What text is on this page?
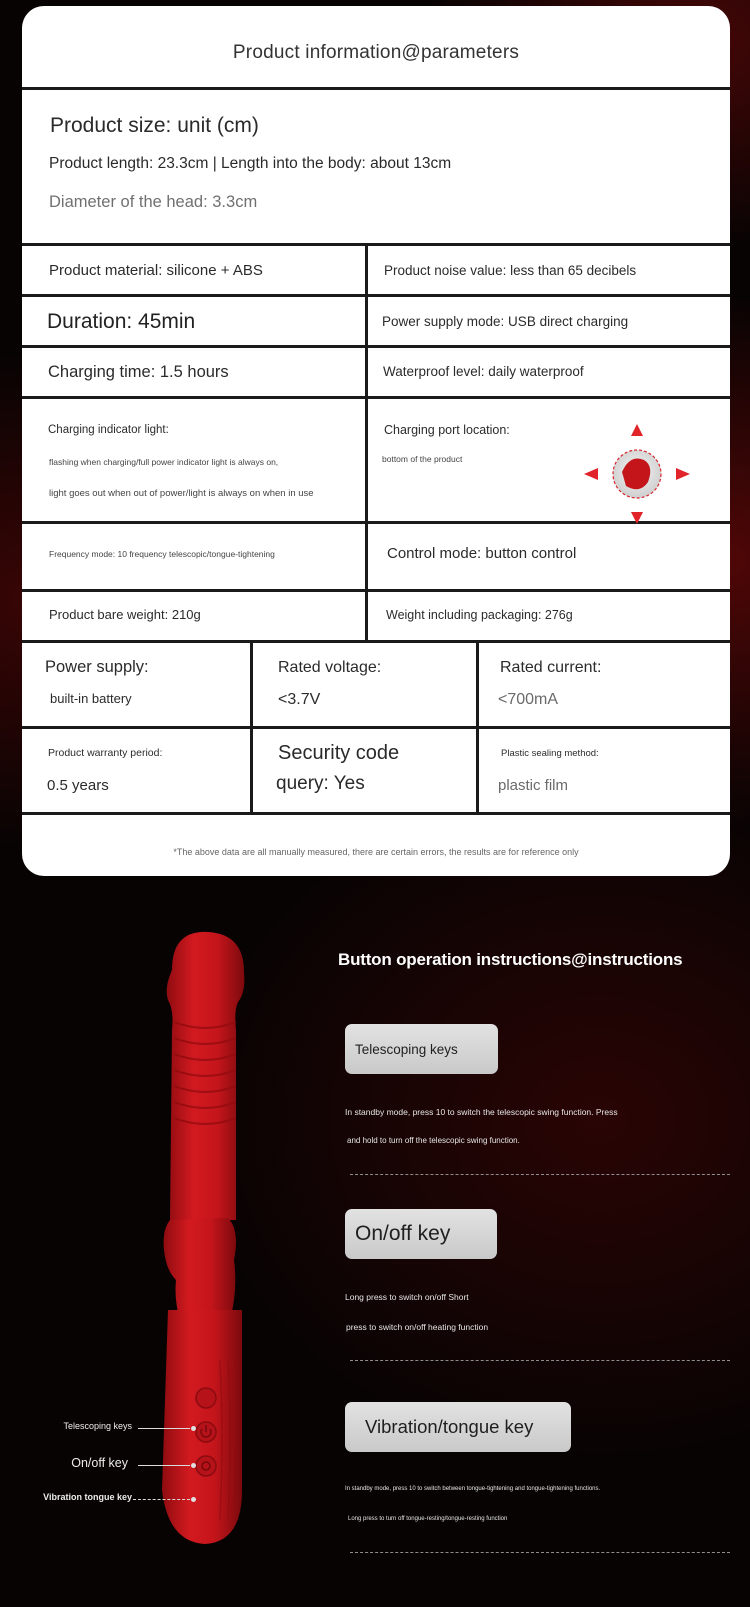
Product information@parameters
Product size: unit (cm)
Product length: 23.3cm | Length into the body: about 13cm
Diameter of the head: 3.3cm
Product material: silicone + ABS	Product noise value: less than 65 decibels
Duration: 45min	Power supply mode: USB direct charging
Charging time: 1.5 hours	Waterproof level: daily waterproof
Charging indicator light:
flashing when charging/full power indicator light is always on,
light goes out when out of power/light is always on when in use
Charging port location:
bottom of the product
Frequency mode: 10 frequency telescopic/tongue-tightening	Control mode: button control
Product bare weight: 210g	Weight including packaging: 276g
Power supply:
built-in battery
Rated voltage:
<3.7V
Rated current:
<700mA
Product warranty period:
0.5 years
Security code
query: Yes
Plastic sealing method:
plastic film
*The above data are all manually measured, there are certain errors, the results are for reference only
Telescoping keys
On/off key
Vibration tongue key
Button operation instructions@instructions
Telescoping keys
In standby mode, press 10 to switch the telescopic swing function. Press
and hold to turn off the telescopic swing function.
On/off key
Long press to switch on/off Short
press to switch on/off heating function
Vibration/tongue key
In standby mode, press 10 to switch between tongue-tightening and tongue-tightening functions.
Long press to turn off tongue-resting/tongue-resting function
